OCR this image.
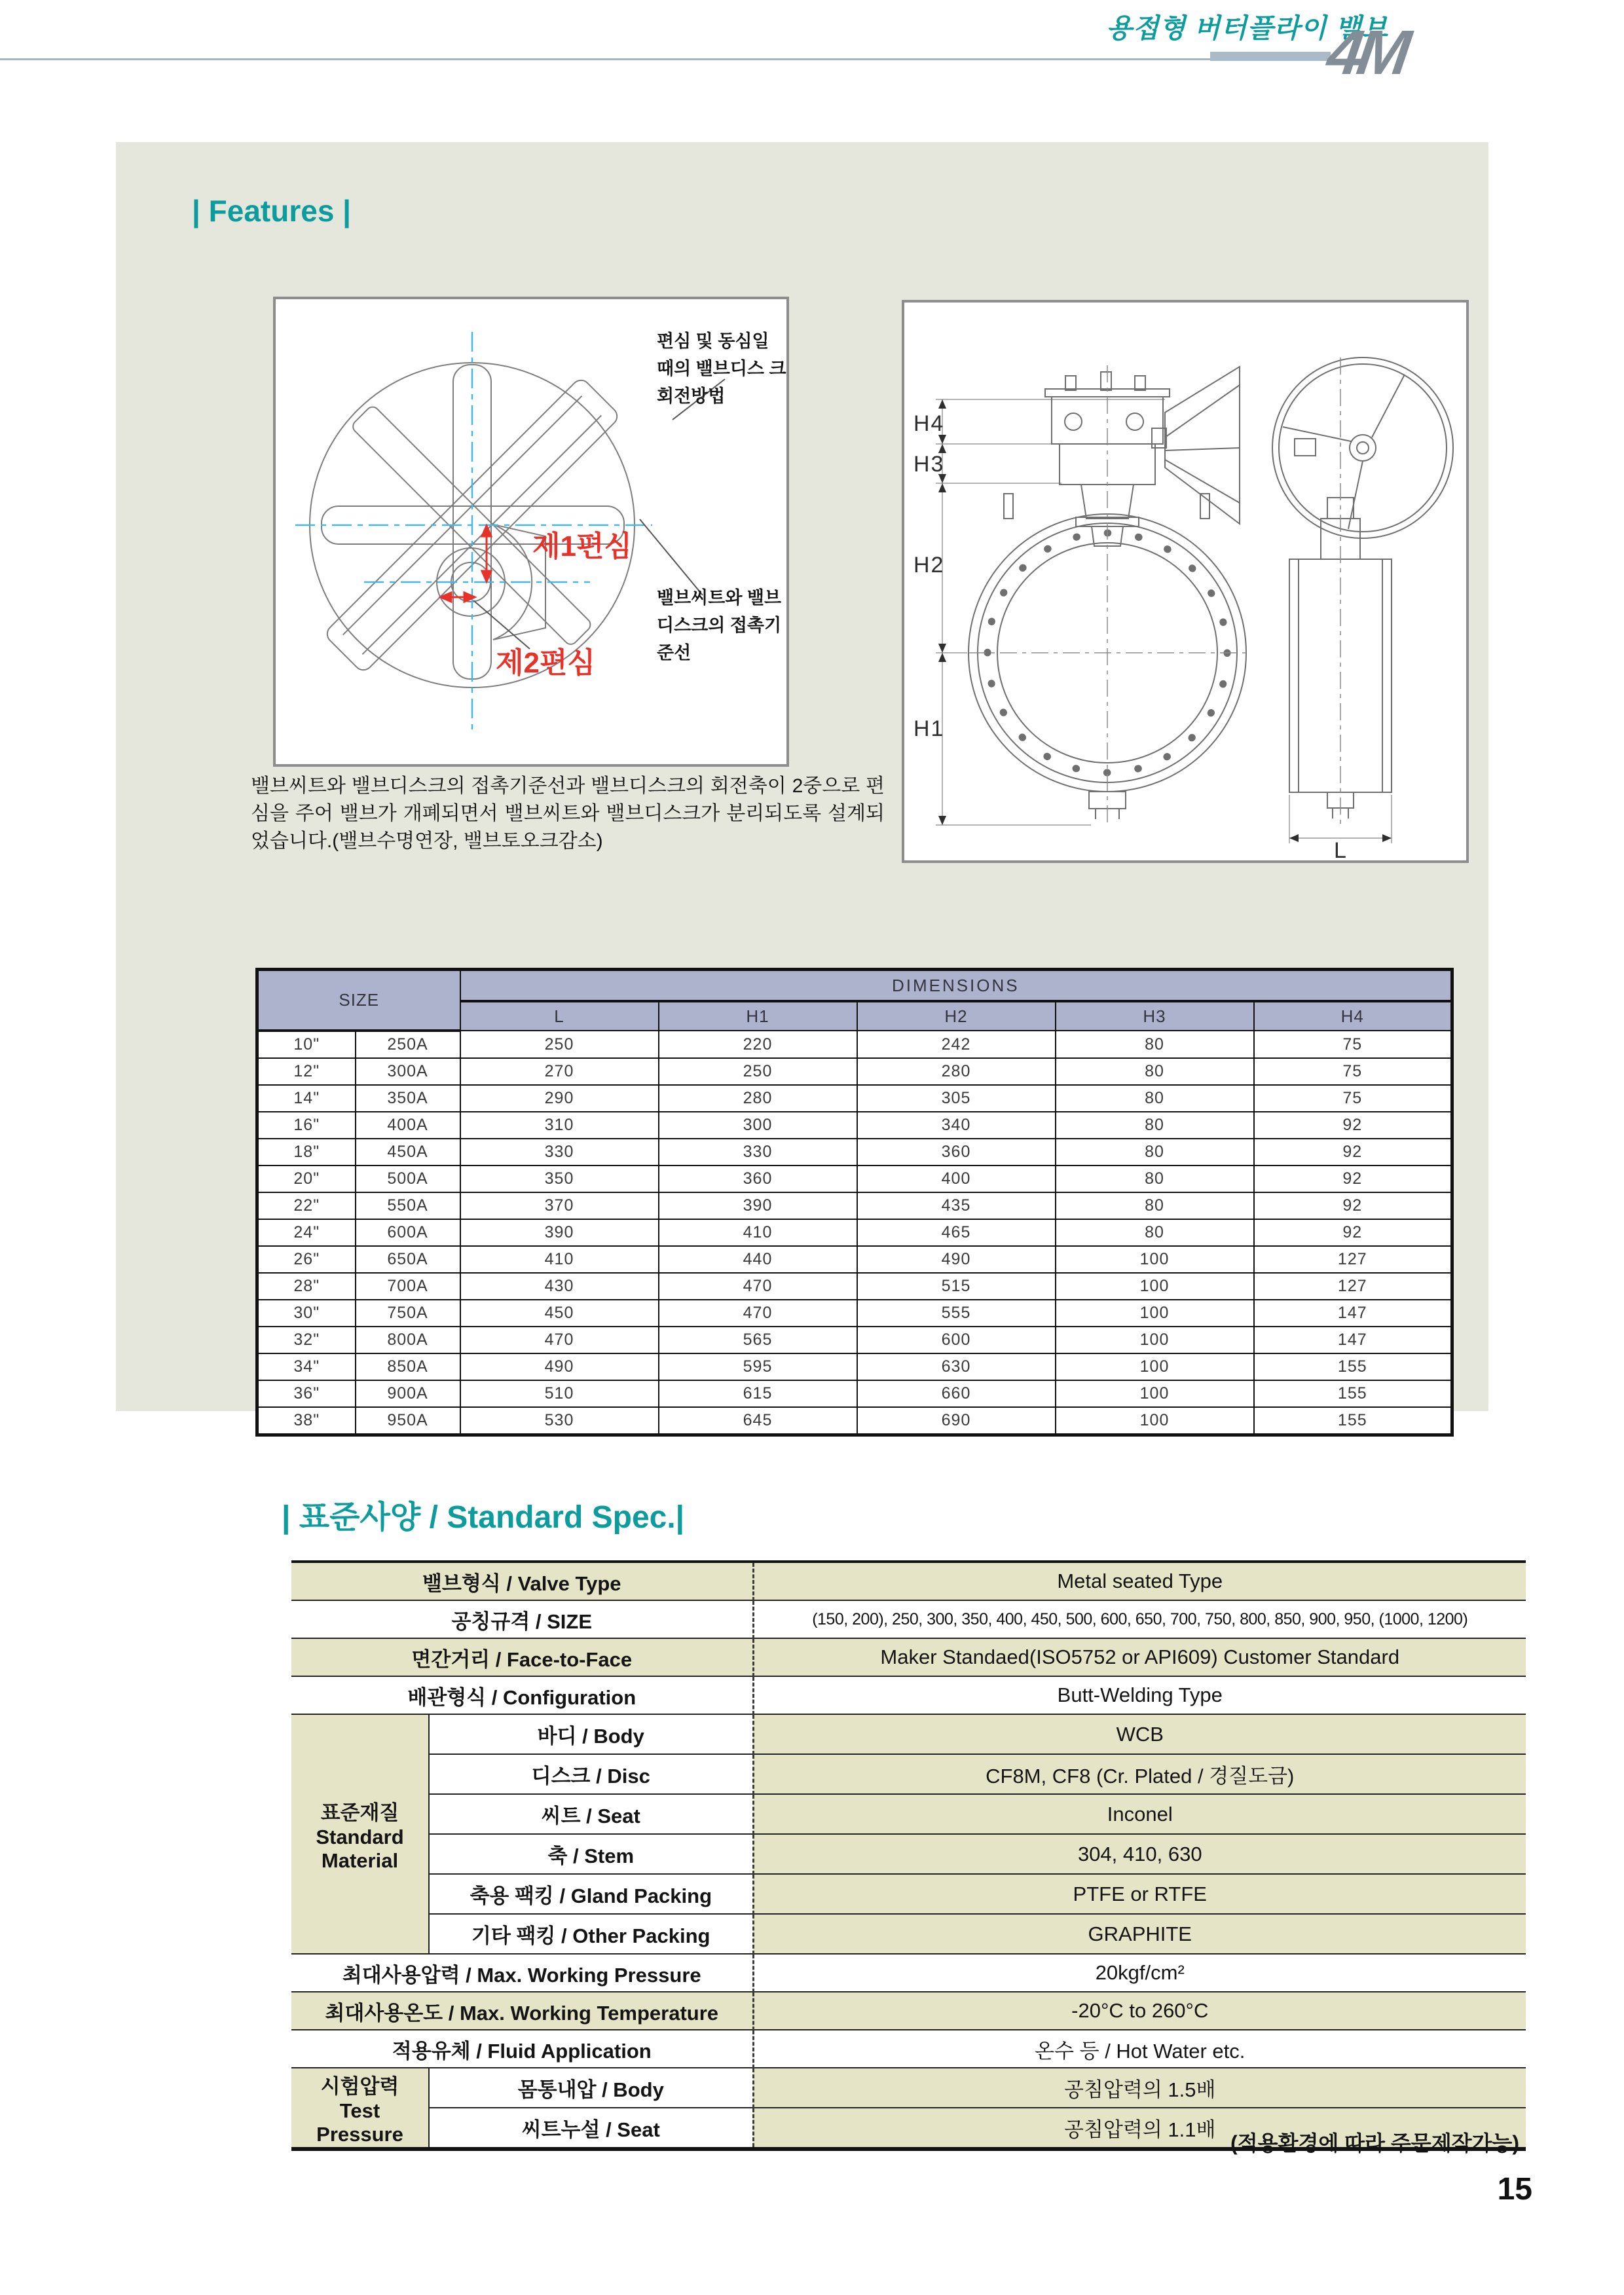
용접형 버터플라이 밸브
4M
| Features |
제1편심
제2편심
편심 및 동심일 때의 밸브디스 크 회전방법
밸브씨트와 밸브 디스크의 접촉기 준선
H4
H3
H2
H1
L
밸브씨트와 밸브디스크의 접촉기준선과 밸브디스크의 회전축이 2중으로 편심을 주어 밸브가 개폐되면서 밸브씨트와 밸브디스크가 분리되도록 설계되었습니다.(밸브수명연장, 밸브토오크감소)
SIZE		DIMENSIONS				
		L	H1	H2	H3	H4
10"	250A	250	220	242	80	75
12"	300A	270	250	280	80	75
14"	350A	290	280	305	80	75
16"	400A	310	300	340	80	92
18"	450A	330	330	360	80	92
20"	500A	350	360	400	80	92
22"	550A	370	390	435	80	92
24"	600A	390	410	465	80	92
26"	650A	410	440	490	100	127
28"	700A	430	470	515	100	127
30"	750A	450	470	555	100	147
32"	800A	470	565	600	100	147
34"	850A	490	595	630	100	155
36"	900A	510	615	660	100	155
38"	950A	530	645	690	100	155
| 표준사양 / Standard Spec.|
밸브형식 / Valve Type		Metal seated Type
공칭규격 / SIZE		(150, 200), 250, 300, 350, 400, 450, 500, 600, 650, 700, 750, 800, 850, 900, 950, (1000, 1200)
면간거리 / Face-to-Face		Maker Standaed(ISO5752 or API609) Customer Standard
배관형식 / Configuration		Butt-Welding Type
표준재질
Standard Material	바디 / Body	WCB
	디스크 / Disc	CF8M, CF8 (Cr. Plated / 경질도금)
	씨트 / Seat	Inconel
	축 / Stem	304, 410, 630
	축용 팩킹 / Gland Packing	PTFE or RTFE
	기타 팩킹 / Other Packing	GRAPHITE
최대사용압력 / Max. Working Pressure		20kgf/cm²
최대사용온도 / Max. Working Temperature		-20°C to 260°C
적용유체 / Fluid Application		온수 등 / Hot Water etc.
시험압력
Test Pressure	몸통내압 / Body	공침압력의 1.5배
	씨트누설 / Seat	공침압력의 1.1배
(적용환경에 따라 주문제작가능)
15
